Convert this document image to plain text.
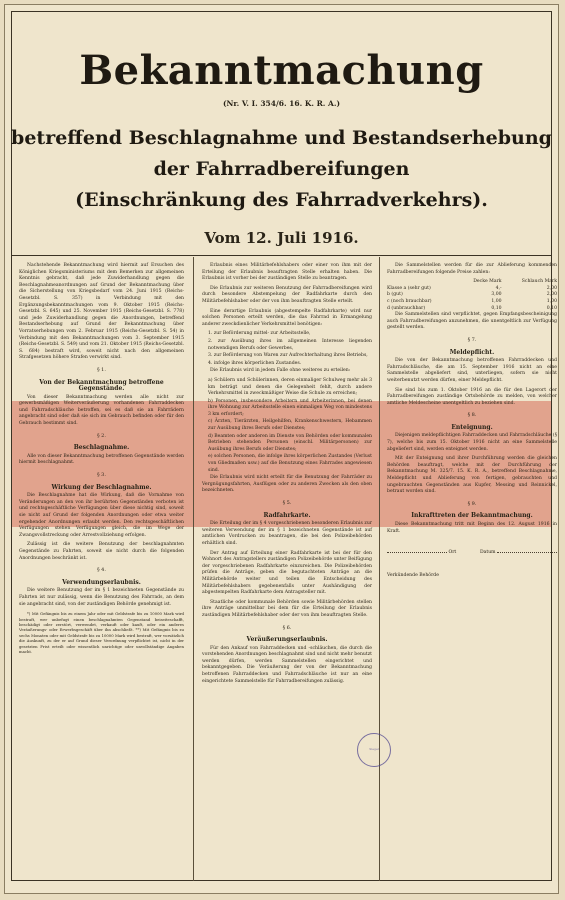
Bekanntmachung
(Nr. V. I. 354/6. 16. K. R. A.)
betreffend Beschlagnahme und Bestandserhebung
der Fahrradbereifungen
(Einschränkung des Fahrradverkehrs).
Vom 12. Juli 1916.

Nachstehende Bekanntmachung wird hiermit auf Ersuchen des Königlichen Kriegsministeriums mit dem Bemerken zur allgemeinen Kenntnis gebracht, daß jede Zuwiderhandlung gegen die Beschlagnahmeanordnungen auf Grund der Bekanntmachung über die Sicherstellung von Kriegsbedarf vom 24. Juni 1915 (Reichs-Gesetzbl. S. 357) in Verbindung mit den Ergänzungsbekanntmachungen vom 9. Oktober 1915 (Reichs-Gesetzbl. S. 645) und 25. November 1915 (Reichs-Gesetzbl. S. 778) und jede Zuwiderhandlung gegen die Anordnungen, betreffend Bestandserhebung auf Grund der Bekanntmachung über Vorratserhebungen vom 2. Februar 1915 (Reichs-Gesetzbl. S. 54) in Verbindung mit den Bekanntmachungen vom 3. September 1915 (Reichs-Gesetzbl. S. 549) und vom 21. Oktober 1915 (Reichs-Gesetzbl. S. 684) bestraft wird, soweit nicht nach den allgemeinen Strafgesetzen höhere Strafen verwirkt sind.

§ 1.
Von der Bekanntmachung betroffene Gegenstände.

Von dieser Bekanntmachung werden alle nicht zur gewerbsmäßigen Weiterveräußerung vorhandenen Fahrraddecken und Fahrradschläuche betroffen, sei es daß sie an Fahrrädern angebracht sind oder daß sie sich im Gebrauch befinden oder für den Gebrauch bestimmt sind.

§ 2.
Beschlagnahme.

Alle von dieser Bekanntmachung betroffenen Gegenstände werden hiermit beschlagnahmt.

§ 3.
Wirkung der Beschlagnahme.

Die Beschlagnahme hat die Wirkung, daß die Vornahme von Veränderungen an den von ihr berührten Gegenständen verboten ist und rechtsgeschäftliche Verfügungen über diese nichtig sind, soweit sie nicht auf Grund der folgenden Anordnungen oder etwa weiter ergehender Anordnungen erlaubt werden. Den rechtsgeschäftlichen Verfügungen stehen Verfügungen gleich, die im Wege der Zwangsvollstreckung oder Arrestvollziehung erfolgen.

Zulässig ist die weitere Benutzung der beschlagnahmten Gegenstände zu Fahrten, soweit sie nicht durch die folgenden Anordnungen beschränkt ist.

§ 4.
Verwendungserlaubnis.

Die weitere Benutzung der im § 1 bezeichneten Gegenstände zu Fahrten ist nur zulässig, wenn die Benutzung des Fahrrads, an dem sie angebracht sind, von der zuständigen Behörde genehmigt ist.

*) Mit Gefängnis bis zu einem Jahr oder mit Geldstrafe bis zu 10000 Mark wird bestraft, wer unbefugt einen beschlagnahmten Gegenstand beiseiteschafft, beschädigt oder zerstört, verwendet, verkauft oder kauft, oder ein anderes Veräußerungs- oder Erwerbsgeschäft über ihn abschließt. **) Mit Gefängnis bis zu sechs Monaten oder mit Geldstrafe bis zu 10000 Mark wird bestraft, wer vorsätzlich die Auskunft, zu der er auf Grund dieser Verordnung verpflichtet ist, nicht in der gesetzten Frist erteilt oder wissentlich unrichtige oder unvollständige Angaben macht.

Erlaubnis eines Militärbefehlshabers oder einer von ihm mit der Erteilung der Erlaubnis beauftragten Stelle erhalten haben. Die Erlaubnis ist vorher bei der zuständigen Stelle zu beantragen.

Die Erlaubnis zur weiteren Benutzung der Fahrradbereifungen wird durch besondere Abstempelung der Radfahrkarte durch den Militärbefehlshaber oder der von ihm beauftragten Stelle erteilt.

Eine derartige Erlaubnis (abgestempelte Radfahrkarte) wird nur solchen Personen erteilt werden, die das Fahrrad in Ermangelung anderer zweckdienlicher Verkehrsmittel benötigen:

1. zur Beförderung mittel- zur Arbeitsstelle,
2. zur Ausübung ihres im allgemeinen Interesse liegenden notwendigen Berufs oder Gewerbes,
3. zur Beförderung von Waren zur Aufrechterhaltung ihres Betriebs,
4. infolge ihres körperlichen Zustandes.

Die Erlaubnis wird in jedem Falle ohne weiteres zu erteilen:

a) Schülern und Schülerinnen, deren einmaliger Schulweg mehr als 3 km beträgt und denen die Gelegenheit fehlt, durch andere Verkehrsmittel in zweckmäßiger Weise die Schule zu erreichen;
b) Personen, insbesondere Arbeitern und Arbeiterinnen, bei denen ihre Wohnung zur Arbeitsstelle einen einmaligen Weg von mindestens 3 km erfordert;
c) Ärzten, Tierärzten, Heilgehilfen, Krankenschwestern, Hebammen zur Ausübung ihres Berufs oder Dienstes;
d) Beamten oder anderen im Dienste von Behörden oder kommunalen Betrieben stehenden Personen (einschl. Militärpersonen) zur Ausübung ihres Berufs oder Dienstes;
e) solchen Personen, die infolge ihres körperlichen Zustandes (Verlust von Gliedmaßen usw.) auf die Benutzung eines Fahrrades angewiesen sind.

Die Erlaubnis wird nicht erteilt für die Benutzung der Fahrräder zu Vergnügungsfahrten, Ausflügen oder zu anderen Zwecken als den oben bezeichneten.

§ 5.
Radfahrkarte.

Die Erteilung der im § 4 vorgeschriebenen besonderen Erlaubnis zur weiteren Verwendung der im § 1 bezeichneten Gegenstände ist auf amtlichen Vordrucken zu beantragen, die bei den Polizeibehörden erhältlich sind.

Der Antrag auf Erteilung einer Radfahrkarte ist bei der für den Wohnort des Antragstellers zuständigen Polizeibehörde unter Beifügung der vorgeschriebenen Radfahrkarte einzureichen. Die Polizeibehörden prüfen die Anträge, geben die begutachteten Anträge an die Militärbehörde weiter und teilen die Entscheidung des Militärbefehlshabers gegebenenfalls unter Aushändigung der abgestempelten Radfahrkarte dem Antragsteller mit.

Staatliche oder kommunale Behörden sowie Militärbehörden stellen ihre Anträge unmittelbar bei dem für die Erteilung der Erlaubnis zuständigen Militärbefehlshaber oder der von ihm beauftragten Stelle.

§ 6.
Veräußerungserlaubnis.

Für den Ankauf von Fahrraddecken und -schläuchen, die durch die vorstehenden Anordnungen beschlagnahmt sind und nicht mehr benutzt werden dürfen, werden Sammelstellen eingerichtet und bekanntgegeben. Die Veräußerung der von der Bekanntmachung betroffenen Fahrraddecken und Fahrradschläuche ist nur an eine eingerichtete Sammelstelle für Fahrradbereifungen zulässig.

Die Sammelstellen werden für die zur Ablieferung kommenden Fahrradbereifungen folgende Preise zahlen:

	Decke Mark	Schlauch Mark
Klasse a (sehr gut)	4,-	2,00
b (gut)	3,00	2,00
c (noch brauchbar)	1,00	1,00
d (unbrauchbar)	0,10	0,10

Die Sammelstellen sind verpflichtet, gegen Empfangsbescheinigung auch Fahrradbereifungen anzunehmen, die unentgeltlich zur Verfügung gestellt werden.

§ 7.
Meldepflicht.

Die von der Bekanntmachung betroffenen Fahrraddecken und Fahrradschläuche, die am 15. September 1916 nicht an eine Sammelstelle abgeliefert sind, unterliegen, sofern sie nicht weiterbenutzt werden dürfen, einer Meldepflicht.

Sie sind bis zum 1. Oktober 1916 an die für den Lagerort der Fahrradbereifungen zuständige Ortsbehörde zu melden, von welcher amtliche Meldescheine unentgeltlich zu beziehen sind.

§ 8.
Enteignung.

Diejenigen meldepflichtigen Fahrraddecken und Fahrradschläuche (§ 7), welche bis zum 15. Oktober 1916 nicht an eine Sammelstelle abgeliefert sind, werden enteignet werden.

Mit der Enteignung und ihrer Durchführung werden die gleichen Behörden beauftragt, welche mit der Durchführung der Bekanntmachung M. 325/7. 15. K. R. A., betreffend Beschlagnahme, Meldepflicht und Ablieferung von fertigen, gebrauchten und ungebrauchten Gegenständen aus Kupfer, Messing und Reinnickel, betraut worden sind.

§ 9.
Inkrafttreten der Bekanntmachung.

Diese Bekanntmachung tritt mit Beginn des 12. August 1916 in Kraft.

Ort	Datum
Verkündende Behörde
Siegel
